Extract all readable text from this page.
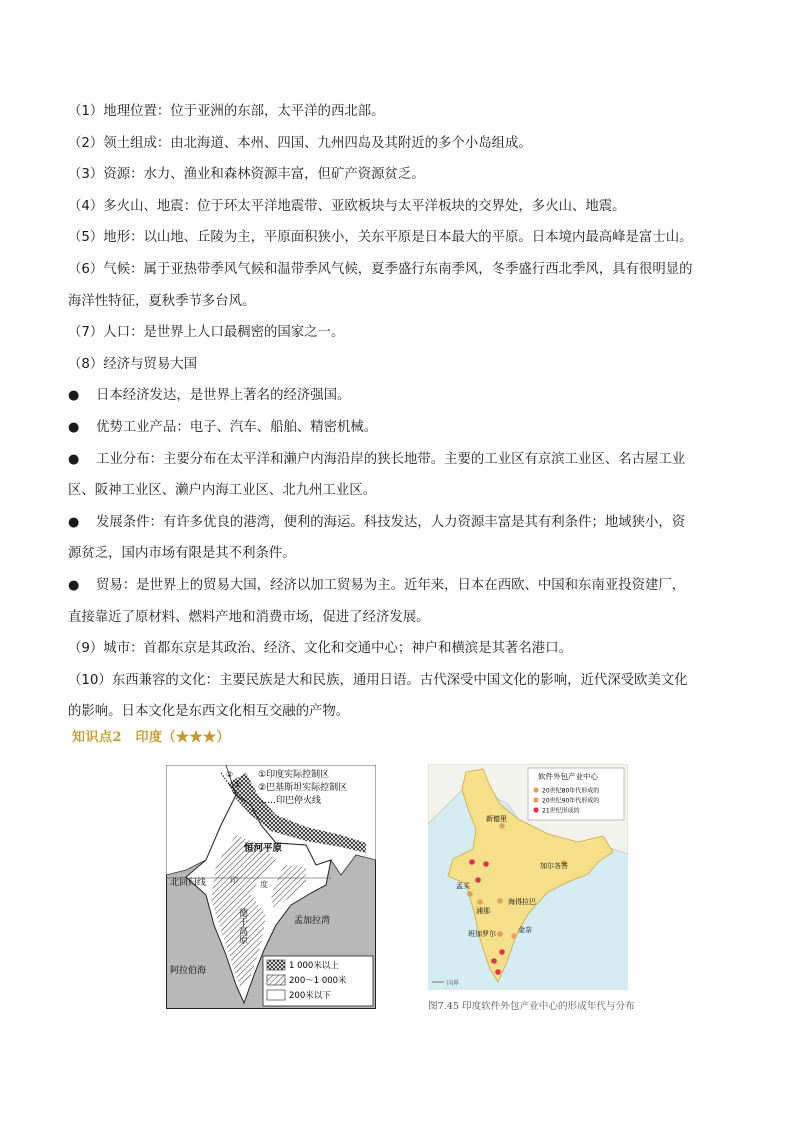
（1）地理位置：位于亚洲的东部，太平洋的西北部。

（2）领土组成：由北海道、本州、四国、九州四岛及其附近的多个小岛组成。

（3）资源：水力、渔业和森林资源丰富，但矿产资源贫乏。

（4）多火山、地震：位于环太平洋地震带、亚欧板块与太平洋板块的交界处，多火山、地震。

（5）地形：以山地、丘陵为主，平原面积狭小，关东平原是日本最大的平原。日本境内最高峰是富士山。

（6）气候：属于亚热带季风气候和温带季风气候，夏季盛行东南季风，冬季盛行西北季风，具有很明显的

海洋性特征，夏秋季节多台风。

（7）人口：是世界上人口最稠密的国家之一。

（8）经济与贸易大国

● 日本经济发达，是世界上著名的经济强国。

● 优势工业产品：电子、汽车、船舶、精密机械。

● 工业分布：主要分布在太平洋和濑户内海沿岸的狭长地带。主要的工业区有京滨工业区、名古屋工业

区、阪神工业区、濑户内海工业区、北九州工业区。

● 发展条件：有许多优良的港湾，便利的海运。科技发达，人力资源丰富是其有利条件；地域狭小，资

源贫乏，国内市场有限是其不利条件。

● 贸易：是世界上的贸易大国，经济以加工贸易为主。近年来，日本在西欧、中国和东南亚投资建厂，

直接靠近了原材料、燃料产地和消费市场，促进了经济发展。

（9）城市：首都东京是其政治、经济、文化和交通中心；神户和横滨是其著名港口。

（10）东西兼容的文化：主要民族是大和民族，通用日语。古代深受中国文化的影响，近代深受欧美文化

的影响。日本文化是东西文化相互交融的产物。

知识点2　印度（★★★）
①印度实际控制区
②巴基斯坦实际控制区
……印巴停火线
②
①
恒河平原
北回归线
阿拉伯海
孟加拉湾
印	度
德干高原
1 000米以上
200～1 000米
200米以下
软件外包产业中心
20世纪80年代形成的
20世纪90年代形成的
21世纪形成的
新德里
加尔各答
孟买
海得拉巴
浦那
班加罗尔	金奈
国界
图7.45 印度软件外包产业中心的形成年代与分布
